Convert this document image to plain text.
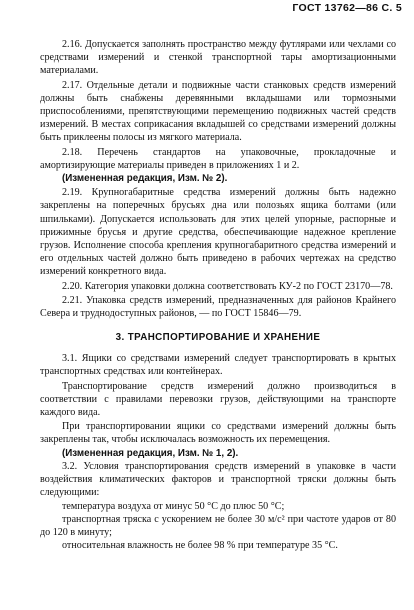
ГОСТ 13762—86 С. 5

2.16. Допускается заполнять пространство между футлярами или чехлами со средствами измерений и стенкой транспортной тары амортизационными материалами.

2.17. Отдельные детали и подвижные части станковых средств измерений должны быть снабжены деревянными вкладышами или тормозными приспособлениями, препятствующими перемещению подвижных частей средств измерений. В местах соприкасания вкладышей со средствами измерений должны быть приклеены полосы из мягкого материала.

2.18. Перечень стандартов на упаковочные, прокладочные и амортизирующие материалы приведен в приложениях 1 и 2.

(Измененная редакция, Изм. № 2).

2.19. Крупногабаритные средства измерений должны быть надежно закреплены на поперечных брусьях дна или полозьях ящика болтами (или шпильками). Допускается использовать для этих целей упорные, распорные и прижимные брусья и другие средства, обеспечивающие надежное крепление грузов. Исполнение способа крепления крупногабаритного средства измерений и его отдельных частей должно быть приведено в рабочих чертежах на средство измерений конкретного вида.

2.20. Категория упаковки должна соответствовать КУ-2 по ГОСТ 23170—78.

2.21. Упаковка средств измерений, предназначенных для районов Крайнего Севера и труднодоступных районов, — по ГОСТ 15846—79.

3. ТРАНСПОРТИРОВАНИЕ И ХРАНЕНИЕ

3.1. Ящики со средствами измерений следует транспортировать в крытых транспортных средствах или контейнерах.

Транспортирование средств измерений должно производиться в соответствии с правилами перевозки грузов, действующими на транспорте каждого вида.

При транспортировании ящики со средствами измерений должны быть закреплены так, чтобы исключалась возможность их перемещения.

(Измененная редакция, Изм. № 1, 2).

3.2. Условия транспортирования средств измерений в упаковке в части воздействия климатических факторов и транспортной тряски должны быть следующими:

температура воздуха от минус 50 °С до плюс 50 °С;

транспортная тряска с ускорением не более 30 м/с² при частоте ударов от 80 до 120 в минуту;

относительная влажность не более 98 % при температуре 35 °С.
